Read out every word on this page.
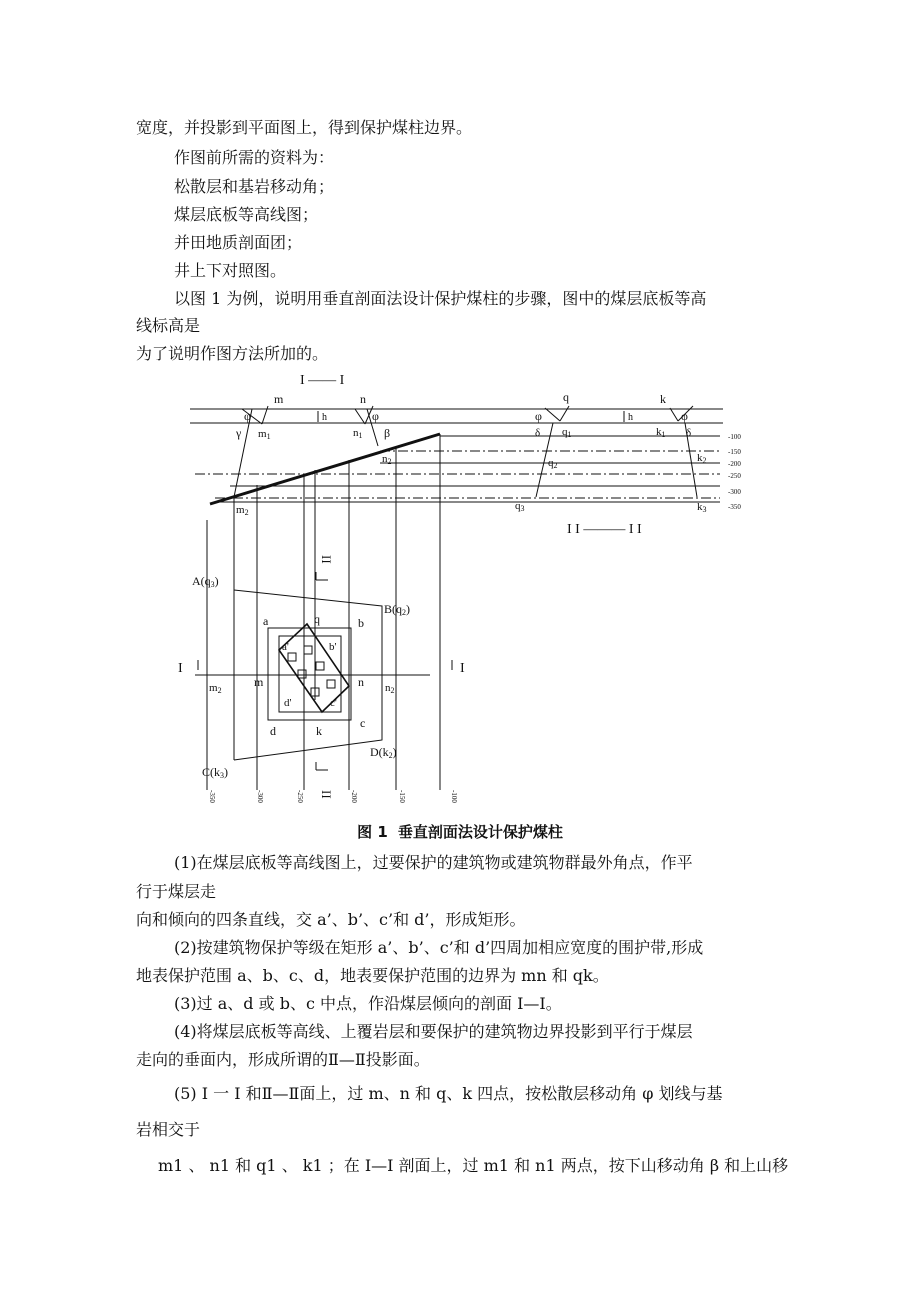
宽度，并投影到平面图上，得到保护煤柱边界。
作图前所需的资料为：
松散层和基岩移动角；
煤层底板等高线图；
并田地质剖面团；
井上下对照图。
以图 1 为例，说明用垂直剖面法设计保护煤柱的步骤，图中的煤层底板等高
线标高是
为了说明作图方法所加的。
I —— I
I I ——— I I
m	n	q	k
φ	φ	φ	φ
h	h
γ m1	n1 β
n2
δ q1	k1 δ
q2
k2
q3	k3
m2
-100
-150
-200
-250
-300
-350
A(q3)
B(q2)
C(k3)
D(k2)
a	q	b
a'	b'
d'	c'
c
d	k
m	n
m2	n2
I	I
II
II
-350	-300	-250	-200	-150	-100
图 1 垂直剖面法设计保护煤柱
(1)在煤层底板等高线图上，过要保护的建筑物或建筑物群最外角点，作平
行于煤层走
向和倾向的四条直线，交 a’、b’、c’和 d’，形成矩形。
(2)按建筑物保护等级在矩形 a’、b’、c’和 d’四周加相应宽度的围护带,形成
地表保护范围 a、b、c、d，地表要保护范围的边界为 mn 和 qk。
(3)过 a、d 或 b、c 中点，作沿煤层倾向的剖面 I—I。
(4)将煤层底板等高线、上覆岩层和要保护的建筑物边界投影到平行于煤层
走向的垂面内，形成所谓的Ⅱ—Ⅱ投影面。
(5) I 一 I 和Ⅱ—Ⅱ面上，过 m、n 和 q、k 四点，按松散层移动角 φ 划线与基
岩相交于
m1 、 n1 和 q1 、 k1 ；在 I—I 剖面上，过 m1 和 n1 两点，按下山移动角 β 和上山移
